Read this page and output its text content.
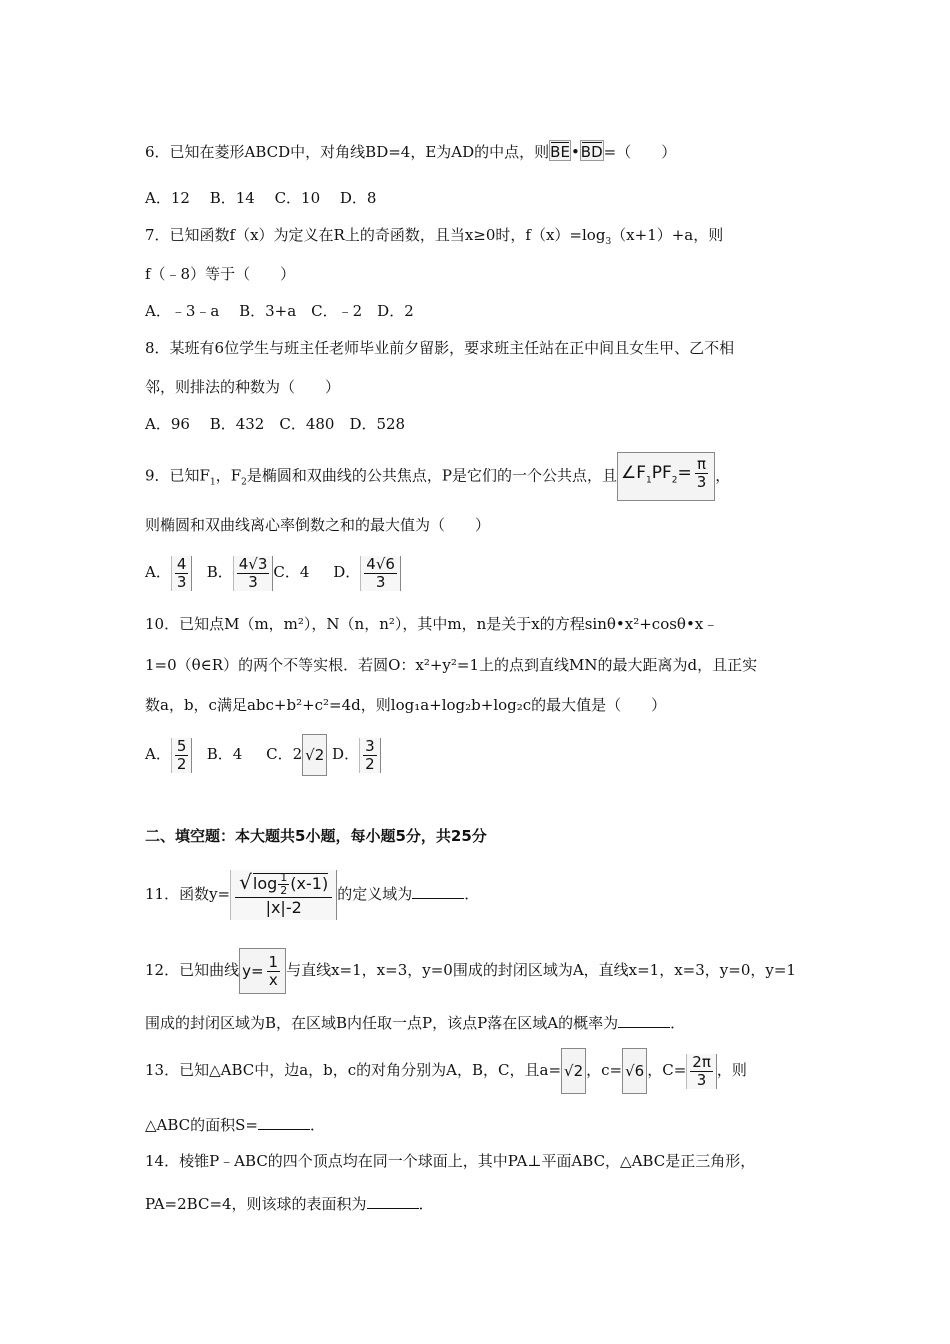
6．已知在菱形ABCD中，对角线BD=4，E为AD的中点，则BE•BD=（　　）
A．12　 B．14　 C．10　 D．8
7．已知函数f（x）为定义在R上的奇函数，且当x≥0时，$f(x)=\log_3(x+1)+a$，则
f（﹣8）等于（　　）
A．﹣3﹣a　 B．3+a　C．﹣2　D．2
8．某班有6位学生与班主任老师毕业前夕留影，要求班主任站在正中间且女生甲、乙不相
邻，则排法的种数为（　　）
A．96　 B．432　C．480　D．528
9．已知$F_1$，$F_2$是椭圆和双曲线的公共焦点，P是它们的一个公共点，且 $\angle F_1PF_2= \frac{\pi}{3}$ ，
则椭圆和双曲线离心率倒数之和的最大值为（　　）
A． $\frac{4}{3}$ B． $\frac{4√3}{3}$ C．4 D． $\frac{4√6}{3}$
10．已知点M（m，m²），N（n，n²），其中m，n是关于x的方程sinθ•x²+cosθ•x﹣
1=0（θ∈R）的两个不等实根．若圆O：x²+y²=1上的点到直线MN的最大距离为d，且正实
数a，b，c满足abc+b²+c²=4d，则log₁a+log₂b+log₂c的最大值是（　　）
A． $\frac{5}{2}$ B．4 C．2 √2 D． $\frac{3}{2}$
二、填空题：本大题共5小题，每小题5分，共25分
11．函数$y= \frac{√\log \frac{1}{2} (x-1)}{|x|-2}$ 的定义域为	．
12．已知曲线 $y= \frac{1}{x}$ 与直线x=1，x=3，y=0围成的封闭区域为A，直线x=1，x=3，y=0，y=1
围成的封闭区域为B，在区域B内任取一点P，该点P落在区域A的概率为	．
13．已知△ABC中，边a，b，c的对角分别为A，B，C，且a= √2 ，c= √6 ，$C= \frac{2\pi}{3}$ ，则
△ABC的面积S=	．
14．棱锥P﹣ABC的四个顶点均在同一个球面上，其中PA⊥平面ABC，△ABC是正三角形，
PA=2BC=4，则该球的表面积为	．
